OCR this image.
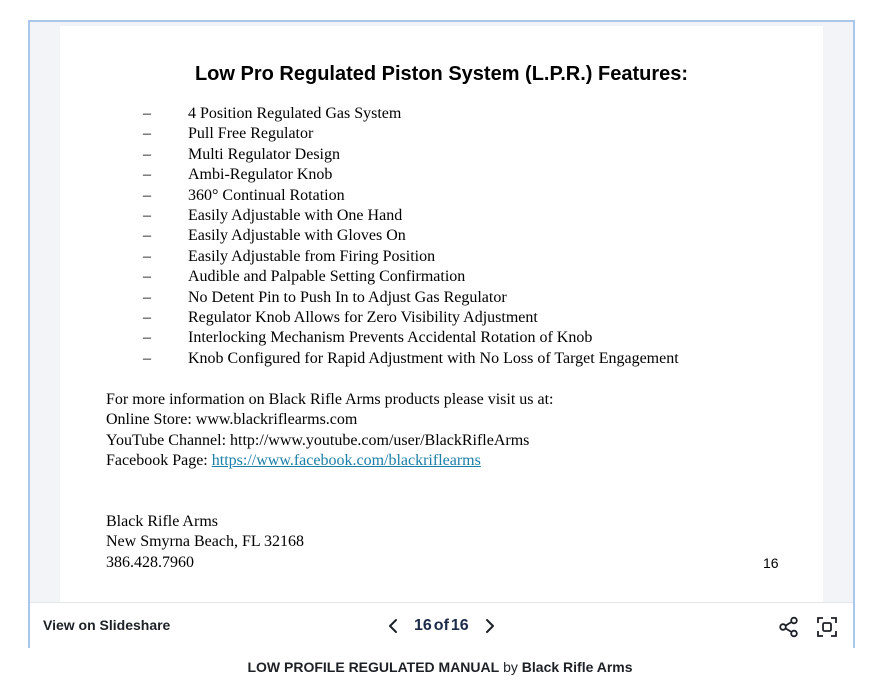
Low Pro Regulated Piston System (L.P.R.) Features:
–	4 Position Regulated Gas System
–	Pull Free Regulator
–	Multi Regulator Design
–	Ambi-Regulator Knob
–	360° Continual Rotation
–	Easily Adjustable with One Hand
–	Easily Adjustable with Gloves On
–	Easily Adjustable from Firing Position
–	Audible and Palpable Setting Confirmation
–	No Detent Pin to Push In to Adjust Gas Regulator
–	Regulator Knob Allows for Zero Visibility Adjustment
–	Interlocking Mechanism Prevents Accidental Rotation of Knob
–	Knob Configured for Rapid Adjustment with No Loss of Target Engagement
For more information on Black Rifle Arms products please visit us at:
Online Store: www.blackriflearms.com
YouTube Channel: http://www.youtube.com/user/BlackRifleArms
Facebook Page: https://www.facebook.com/blackriflearms
Black Rifle Arms
New Smyrna Beach, FL 32168
386.428.7960	16
View on Slideshare	16 of 16
LOW PROFILE REGULATED MANUAL by Black Rifle Arms
